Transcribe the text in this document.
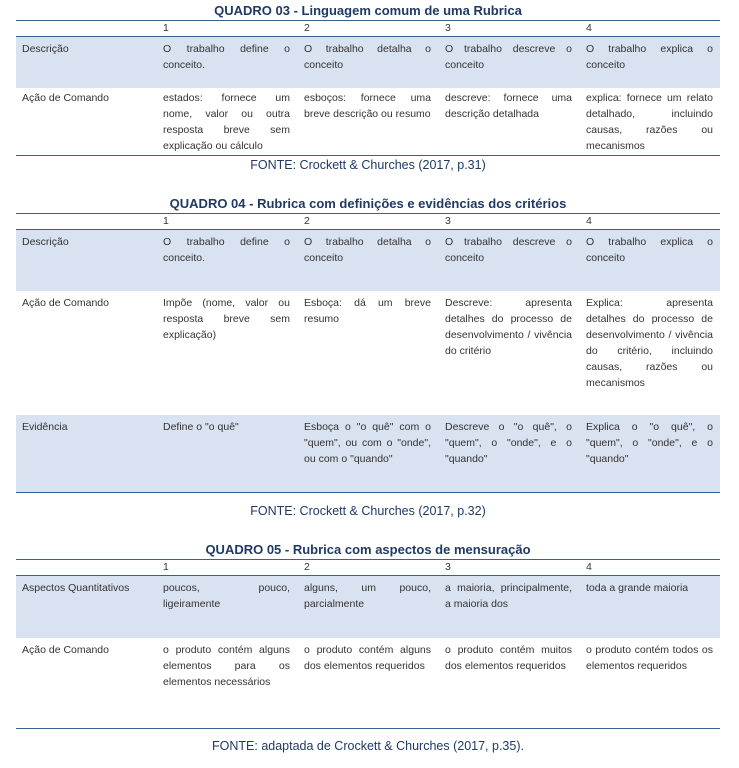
QUADRO 03 - Linguagem comum de uma Rubrica
	1	2	3	4
Descrição	O trabalho define o conceito.	O trabalho detalha o conceito	O trabalho descreve o conceito	O trabalho explica o conceito
Ação de Comando	estados: fornece um nome, valor ou outra resposta breve sem explicação ou cálculo	esboços: fornece uma breve descrição ou resumo	descreve: fornece uma descrição detalhada	explica: fornece um relato detalhado, incluindo causas, razões ou mecanismos
FONTE: Crockett & Churches (2017, p.31)
QUADRO 04 - Rubrica com definições e evidências dos critérios
	1	2	3	4
Descrição	O trabalho define o conceito.	O trabalho detalha o conceito	O trabalho descreve o conceito	O trabalho explica o conceito
Ação de Comando	Impõe (nome, valor ou resposta breve sem explicação)	Esboça: dá um breve resumo	Descreve: apresenta detalhes do processo de desenvolvimento / vivência do critério	Explica: apresenta detalhes do processo de desenvolvimento / vivência do critério, incluindo causas, razões ou mecanismos
Evidência	Define o "o quê"	Esboça o "o quê" com o "quem", ou com o "onde", ou com o "quando"	Descreve o "o quê", o "quem", o "onde", e o "quando"	Explica o "o quê", o "quem", o "onde", e o "quando"
FONTE: Crockett & Churches (2017, p.32)
QUADRO 05 - Rubrica com aspectos de mensuração
	1	2	3	4
Aspectos Quantitativos	poucos, pouco, ligeiramente	alguns, um pouco, parcialmente	a maioria, principalmente, a maioria dos	toda a grande maioria
Ação de Comando	o produto contém alguns elementos para os elementos necessários	o produto contém alguns dos elementos requeridos	o produto contém muitos dos elementos requeridos	o produto contém todos os elementos requeridos
FONTE: adaptada de Crockett & Churches (2017, p.35).
